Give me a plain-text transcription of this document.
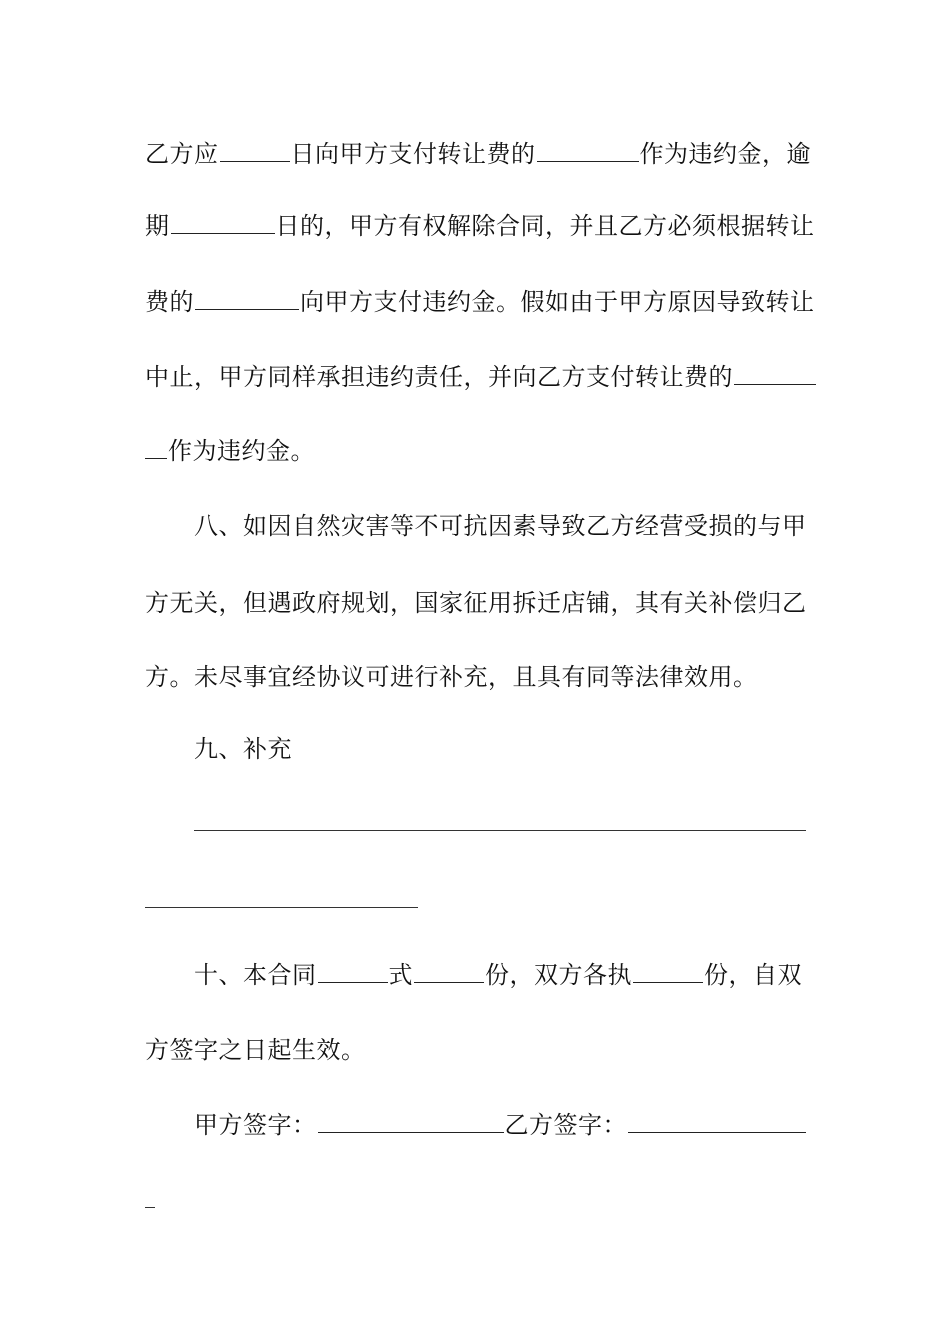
乙方应	日向甲方支付转让费的	作为违约金，逾
期	日的，甲方有权解除合同，并且乙方必须根据转让
费的	向甲方支付违约金。假如由于甲方原因导致转让
中止，甲方同样承担违约责任，并向乙方支付转让费的
作为违约金。
八、如因自然灾害等不可抗因素导致乙方经营受损的与甲
方无关，但遇政府规划，国家征用拆迁店铺，其有关补偿归乙
方。未尽事宜经协议可进行补充，且具有同等法律效用。
九、补充
十、本合同	式	份，双方各执	份，自双
方签字之日起生效。
甲方签字：	乙方签字：
